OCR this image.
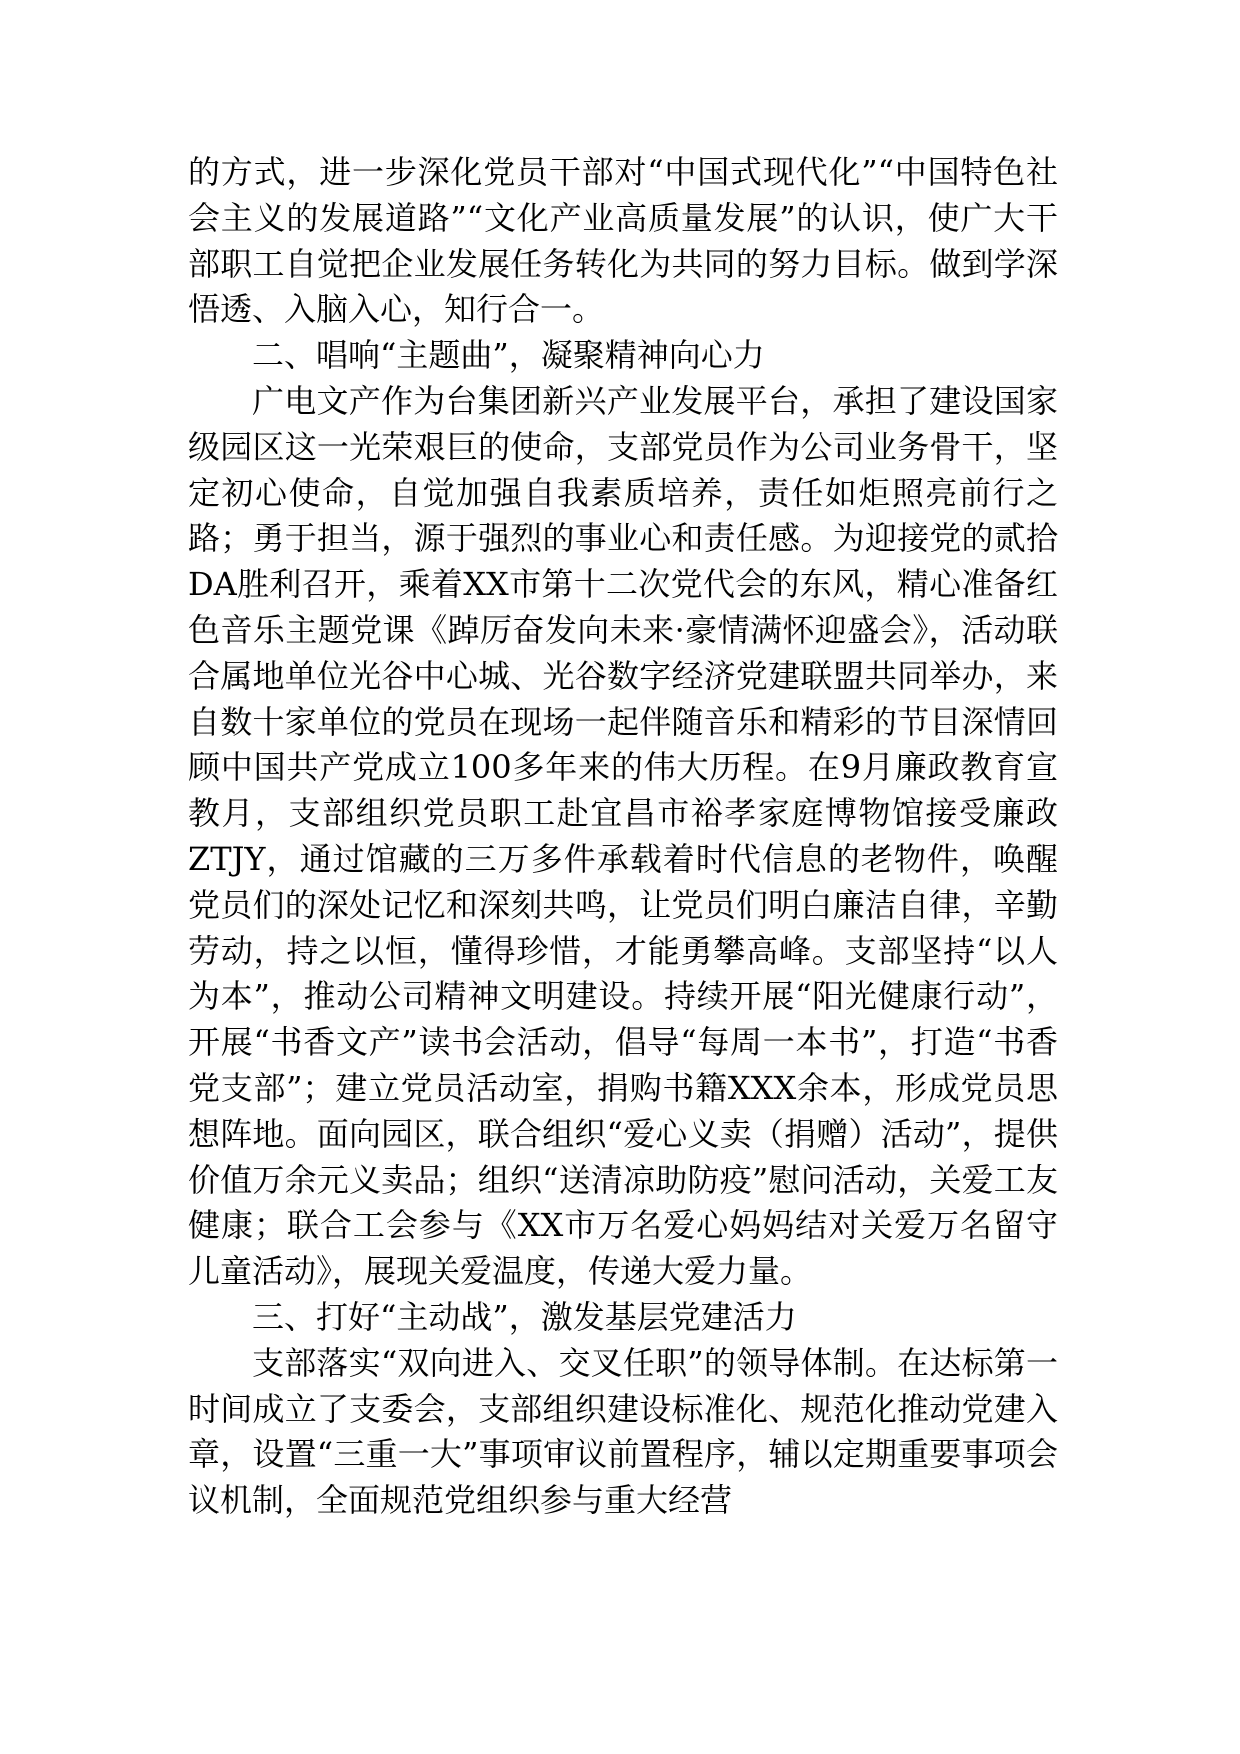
的方式，进一步深化党员干部对“中国式现代化”“中国特色社会主义的发展道路”“文化产业高质量发展”的认识，使广大干部职工自觉把企业发展任务转化为共同的努力目标。做到学深悟透、入脑入心，知行合一。

二、唱响“主题曲”，凝聚精神向心力

广电文产作为台集团新兴产业发展平台，承担了建设国家级园区这一光荣艰巨的使命，支部党员作为公司业务骨干，坚定初心使命，自觉加强自我素质培养，责任如炬照亮前行之路；勇于担当，源于强烈的事业心和责任感。为迎接党的贰拾DA胜利召开，乘着XX市第十二次党代会的东风，精心准备红色音乐主题党课《踔厉奋发向未来·豪情满怀迎盛会》，活动联合属地单位光谷中心城、光谷数字经济党建联盟共同举办，来自数十家单位的党员在现场一起伴随音乐和精彩的节目深情回顾中国共产党成立100多年来的伟大历程。在9月廉政教育宣教月，支部组织党员职工赴宜昌市裕孝家庭博物馆接受廉政ZTJY，通过馆藏的三万多件承载着时代信息的老物件，唤醒党员们的深处记忆和深刻共鸣，让党员们明白廉洁自律，辛勤劳动，持之以恒，懂得珍惜，才能勇攀高峰。支部坚持“以人为本”，推动公司精神文明建设。持续开展“阳光健康行动”，开展“书香文产”读书会活动，倡导“每周一本书”，打造“书香党支部”；建立党员活动室，捐购书籍XXX余本，形成党员思想阵地。面向园区，联合组织“爱心义卖（捐赠）活动”，提供价值万余元义卖品；组织“送清凉助防疫”慰问活动，关爱工友健康；联合工会参与《XX市万名爱心妈妈结对关爱万名留守儿童活动》，展现关爱温度，传递大爱力量。

三、打好“主动战”，激发基层党建活力

支部落实“双向进入、交叉任职”的领导体制。在达标第一时间成立了支委会，支部组织建设标准化、规范化推动党建入章，设置“三重一大”事项审议前置程序，辅以定期重要事项会议机制，全面规范党组织参与重大经营
